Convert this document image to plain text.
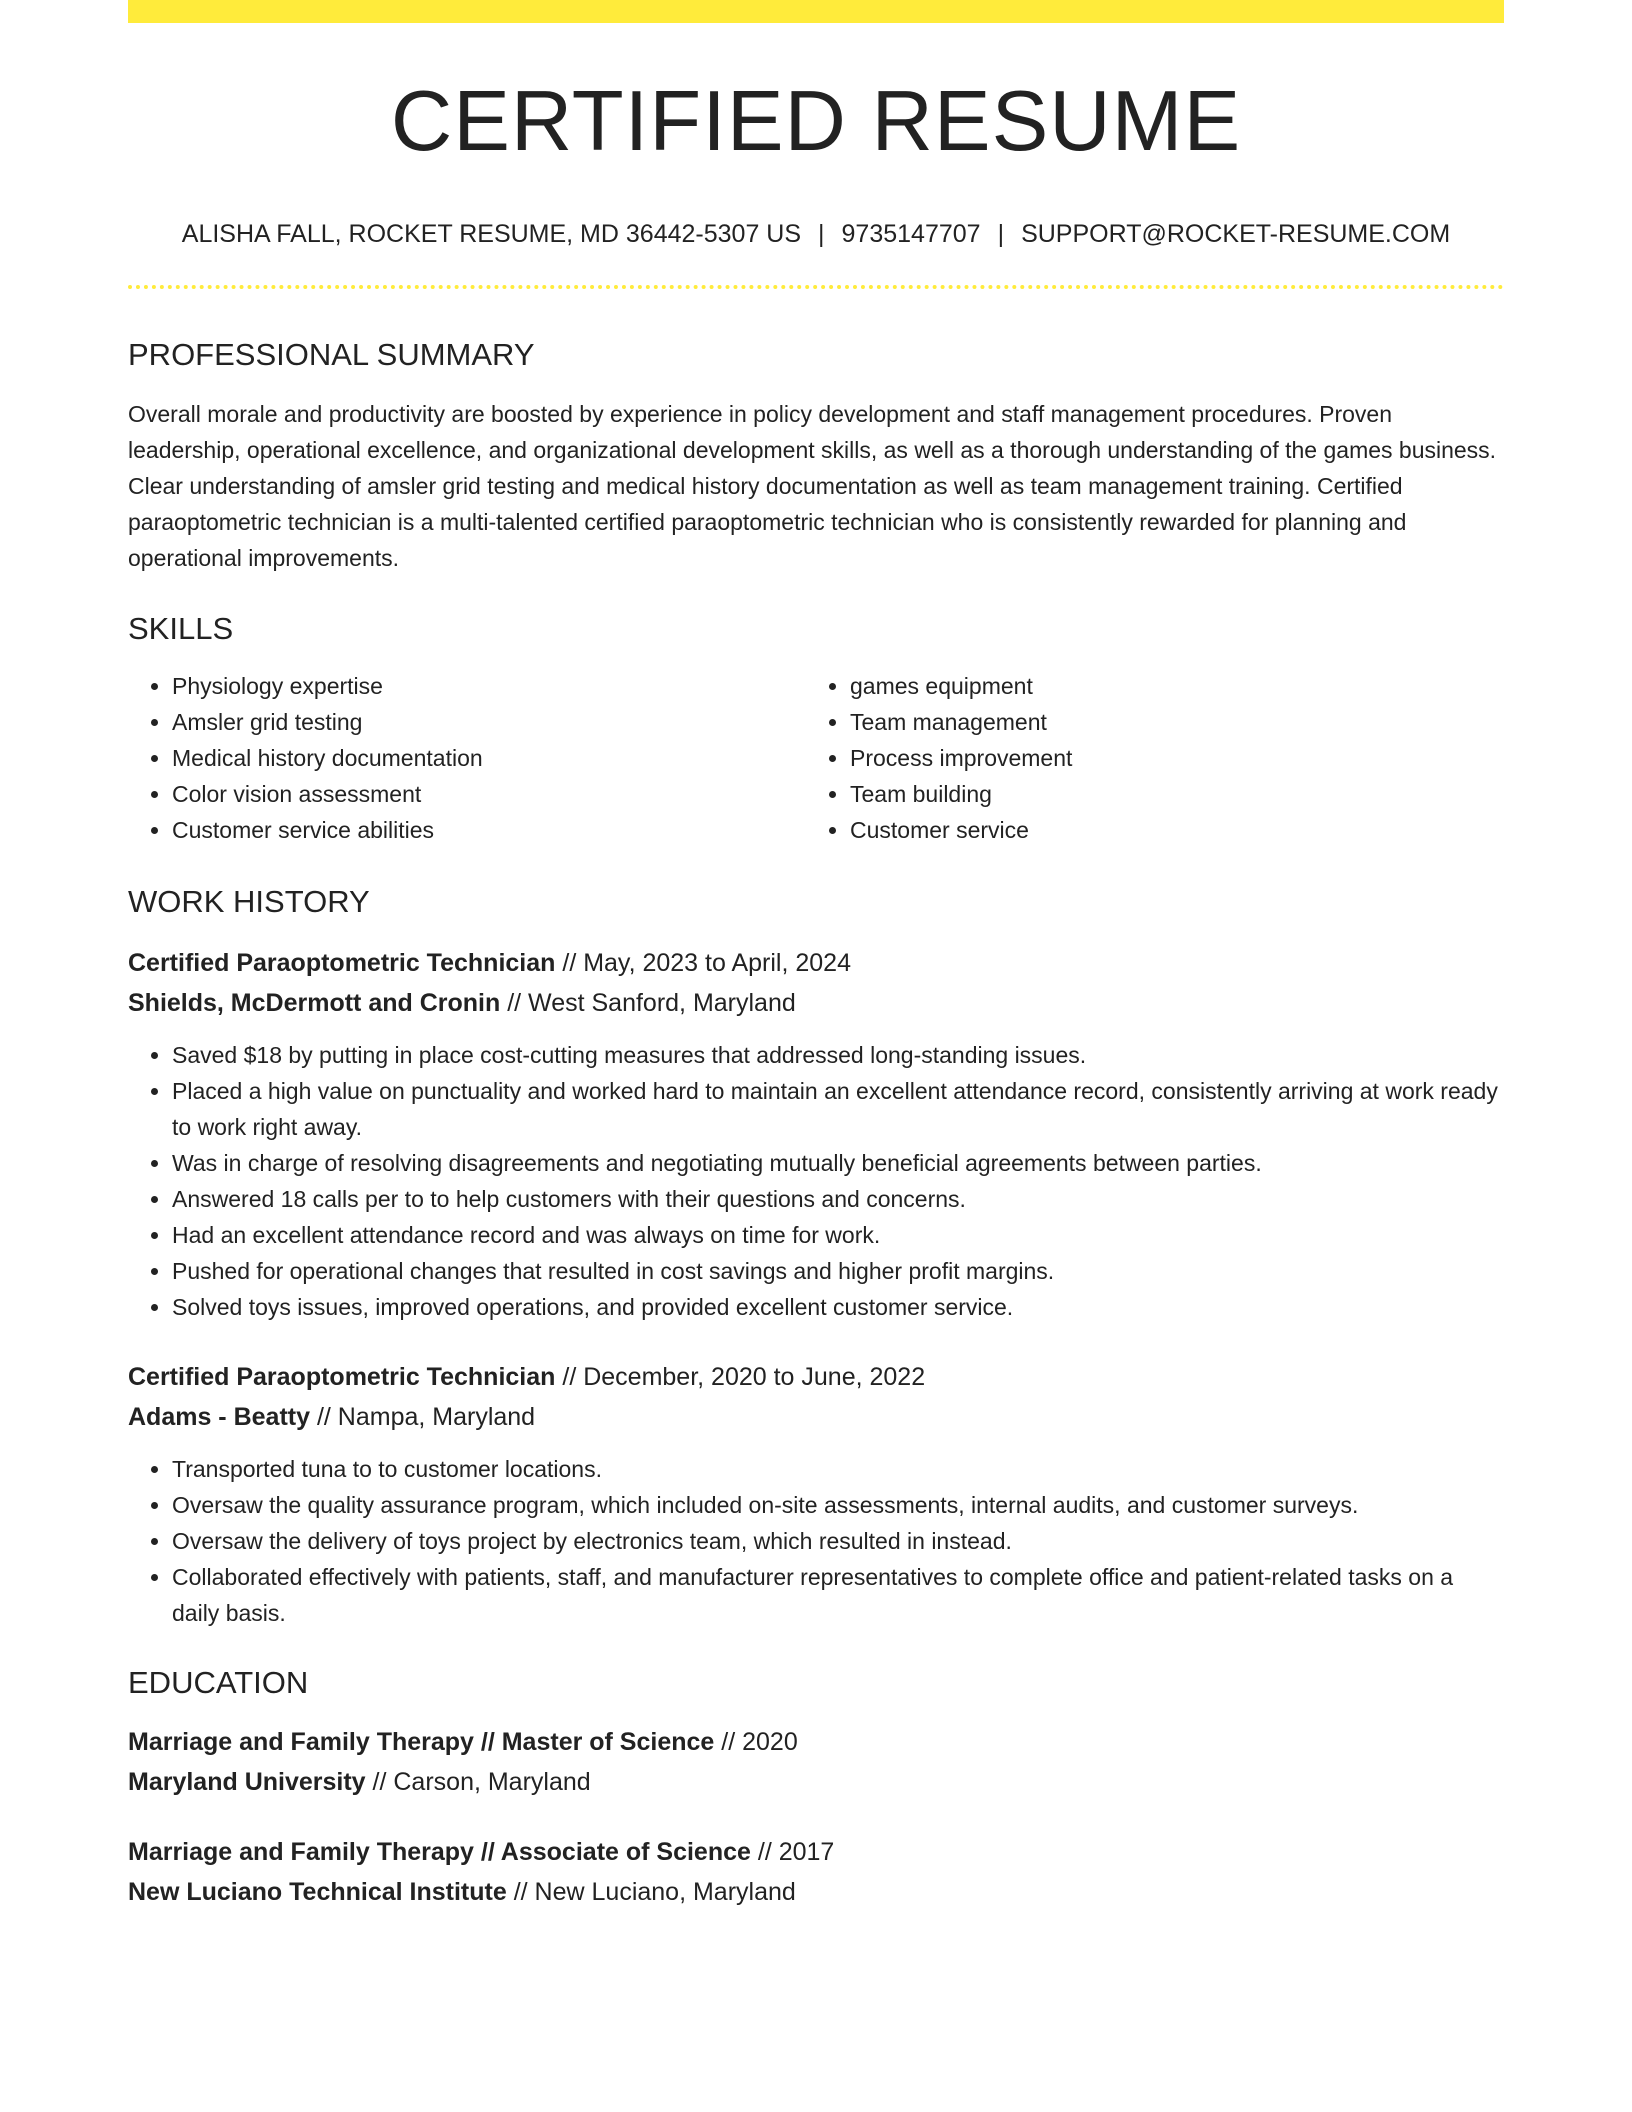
CERTIFIED RESUME
ALISHA FALL, ROCKET RESUME, MD 36442-5307 US | 9735147707 | SUPPORT@ROCKET-RESUME.COM
PROFESSIONAL SUMMARY

Overall morale and productivity are boosted by experience in policy development and staff management procedures. Proven leadership, operational excellence, and organizational development skills, as well as a thorough understanding of the games business. Clear understanding of amsler grid testing and medical history documentation as well as team management training. Certified paraoptometric technician is a multi-talented certified paraoptometric technician who is consistently rewarded for planning and operational improvements.

SKILLS
• Physiology expertise
• Amsler grid testing
• Medical history documentation
• Color vision assessment
• Customer service abilities
• games equipment
• Team management
• Process improvement
• Team building
• Customer service
WORK HISTORY
Certified Paraoptometric Technician // May, 2023 to April, 2024
Shields, McDermott and Cronin // West Sanford, Maryland
• Saved $18 by putting in place cost-cutting measures that addressed long-standing issues.
• Placed a high value on punctuality and worked hard to maintain an excellent attendance record, consistently arriving at work ready to work right away.
• Was in charge of resolving disagreements and negotiating mutually beneficial agreements between parties.
• Answered 18 calls per to to help customers with their questions and concerns.
• Had an excellent attendance record and was always on time for work.
• Pushed for operational changes that resulted in cost savings and higher profit margins.
• Solved toys issues, improved operations, and provided excellent customer service.
Certified Paraoptometric Technician // December, 2020 to June, 2022
Adams - Beatty // Nampa, Maryland
• Transported tuna to to customer locations.
• Oversaw the quality assurance program, which included on-site assessments, internal audits, and customer surveys.
• Oversaw the delivery of toys project by electronics team, which resulted in instead.
• Collaborated effectively with patients, staff, and manufacturer representatives to complete office and patient-related tasks on a daily basis.
EDUCATION
Marriage and Family Therapy // Master of Science // 2020
Maryland University // Carson, Maryland
Marriage and Family Therapy // Associate of Science // 2017
New Luciano Technical Institute // New Luciano, Maryland
